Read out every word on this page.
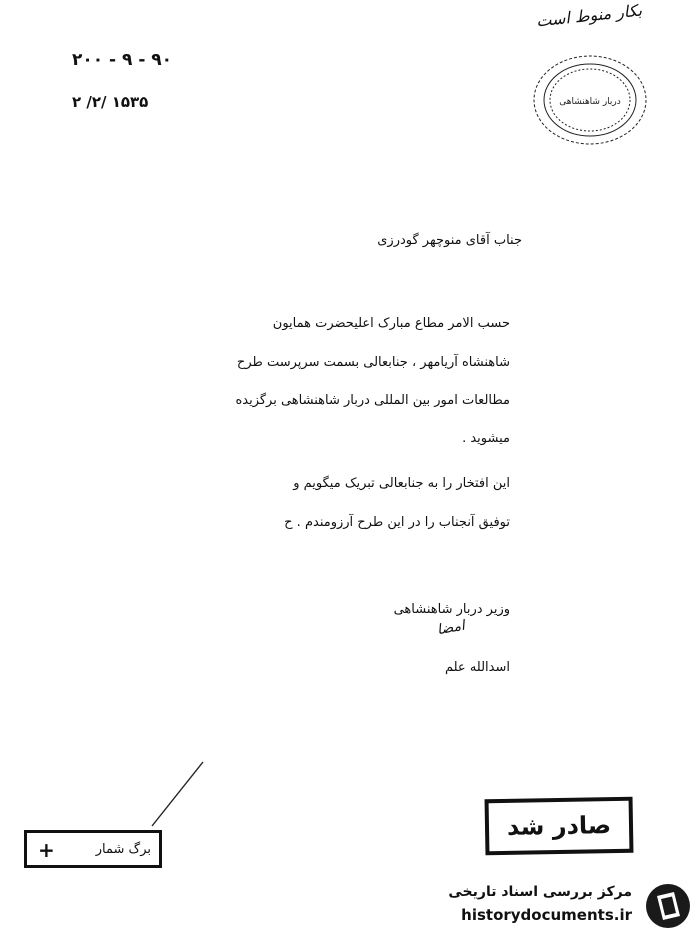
بکار منوط است
۲۰۰ - ۹ - ۹۰
۲ /۲/ ۱۵۳۵	دربار شاهنشاهی
جناب آقای منوچهر گودرزی
حسب الامر مطاع مبارک اعلیحضرت همایون
شاهنشاه آریامهر ، جنابعالی بسمت سرپرست طرح
مطالعات امور بین المللی دربار شاهنشاهی برگزیده
میشوید .
این افتخار را به جنابعالی تبریک میگویم و
توفیق آنجناب را در این طرح آرزومندم . ح
وزیر دربار شاهنشاهی
امضا
اسدالله علم
صادر شد
برگ شمار
+
مرکز بررسی اسناد تاریخی
historydocuments.ir
